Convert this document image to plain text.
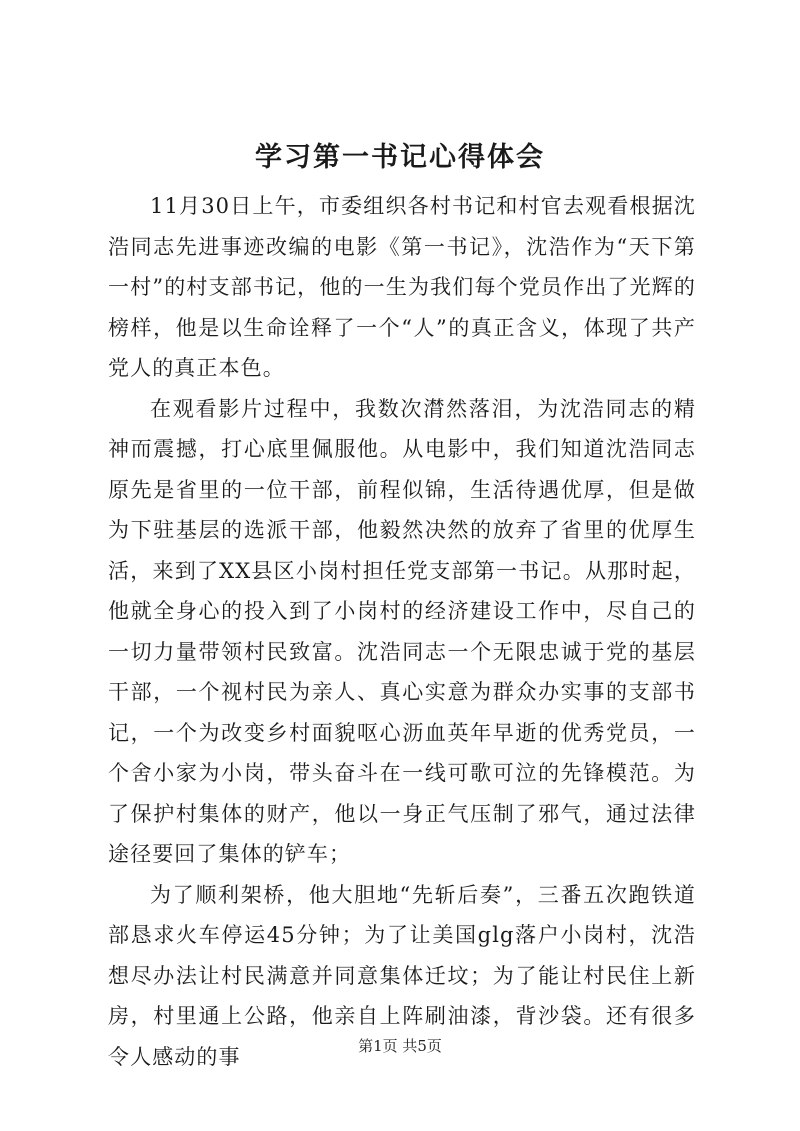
学习第一书记心得体会

11月30日上午，市委组织各村书记和村官去观看根据沈浩同志先进事迹改编的电影《第一书记》，沈浩作为“天下第一村”的村支部书记，他的一生为我们每个党员作出了光辉的榜样，他是以生命诠释了一个“人”的真正含义，体现了共产党人的真正本色。

在观看影片过程中，我数次潸然落泪，为沈浩同志的精神而震撼，打心底里佩服他。从电影中，我们知道沈浩同志原先是省里的一位干部，前程似锦，生活待遇优厚，但是做为下驻基层的选派干部，他毅然决然的放弃了省里的优厚生活，来到了XX县区小岗村担任党支部第一书记。从那时起，他就全身心的投入到了小岗村的经济建设工作中，尽自己的一切力量带领村民致富。沈浩同志一个无限忠诚于党的基层干部，一个视村民为亲人、真心实意为群众办实事的支部书记，一个为改变乡村面貌呕心沥血英年早逝的优秀党员，一个舍小家为小岗，带头奋斗在一线可歌可泣的先锋模范。为了保护村集体的财产，他以一身正气压制了邪气，通过法律途径要回了集体的铲车；

为了顺利架桥，他大胆地“先斩后奏”，三番五次跑铁道部恳求火车停运45分钟；为了让美国glg落户小岗村，沈浩想尽办法让村民满意并同意集体迁坟；为了能让村民住上新房，村里通上公路，他亲自上阵刷油漆，背沙袋。还有很多令人感动的事	第1页 共5页
